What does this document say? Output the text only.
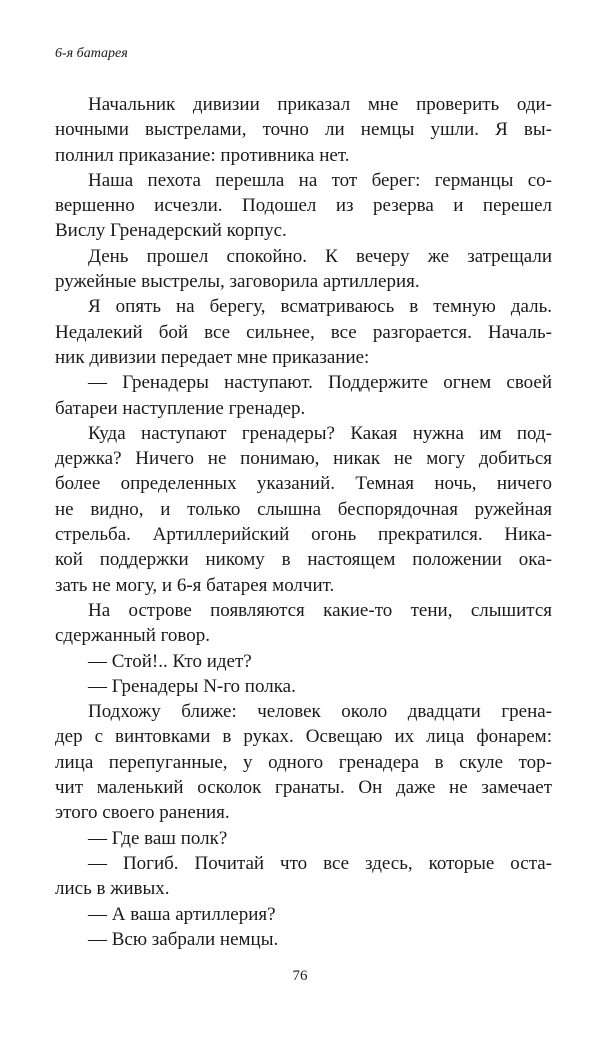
6-я батарея
Начальник дивизии приказал мне проверить оди-
ночными выстрелами, точно ли немцы ушли. Я вы-
полнил приказание: противника нет.
Наша пехота перешла на тот берег: германцы со-
вершенно исчезли. Подошел из резерва и перешел
Вислу Гренадерский корпус.
День прошел спокойно. К вечеру же затрещали
ружейные выстрелы, заговорила артиллерия.
Я опять на берегу, всматриваюсь в темную даль.
Недалекий бой все сильнее, все разгорается. Началь-
ник дивизии передает мне приказание:
— Гренадеры наступают. Поддержите огнем своей
батареи наступление гренадер.
Куда наступают гренадеры? Какая нужна им под-
держка? Ничего не понимаю, никак не могу добиться
более определенных указаний. Темная ночь, ничего
не видно, и только слышна беспорядочная ружейная
стрельба. Артиллерийский огонь прекратился. Ника-
кой поддержки никому в настоящем положении ока-
зать не могу, и 6-я батарея молчит.
На острове появляются какие-то тени, слышится
сдержанный говор.
— Стой!.. Кто идет?
— Гренадеры N-го полка.
Подхожу ближе: человек около двадцати грена-
дер с винтовками в руках. Освещаю их лица фонарем:
лица перепуганные, у одного гренадера в скуле тор-
чит маленький осколок гранаты. Он даже не замечает
этого своего ранения.
— Где ваш полк?
— Погиб. Почитай что все здесь, которые оста-
лись в живых.
— А ваша артиллерия?
— Всю забрали немцы.
76
